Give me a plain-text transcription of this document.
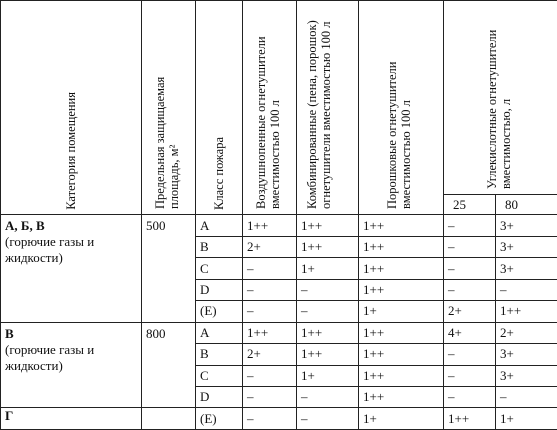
Категория помещения	Предельная защищаемая площадь, м²	Класс пожара	Воздушнопенные огнетушители вместимостью 100 л	Комбинированные (пена, порошок) огнетушители вместимостью 100 л	Порошковые огнетушители вместимостью 100 л	Углекислотные огнетушители вместимостью, л	

						25	80

А, Б, В
(горючие газы и жидкости)	500	A	1++	1++	1++	–	3+
		B	2+	1++	1++	–	3+
		C	–	1+	1++	–	3+
		D	–	–	1++	–	–
		(E)	–	–	1+	2+	1++

В
(горючие газы и жидкости)	800	A	1++	1++	1++	4+	2+
		B	2+	1++	1++	–	3+
		C	–	1+	1++	–	3+
		D	–	–	1++	–	–

Г		(E)	–	–	1+	1++	1+
